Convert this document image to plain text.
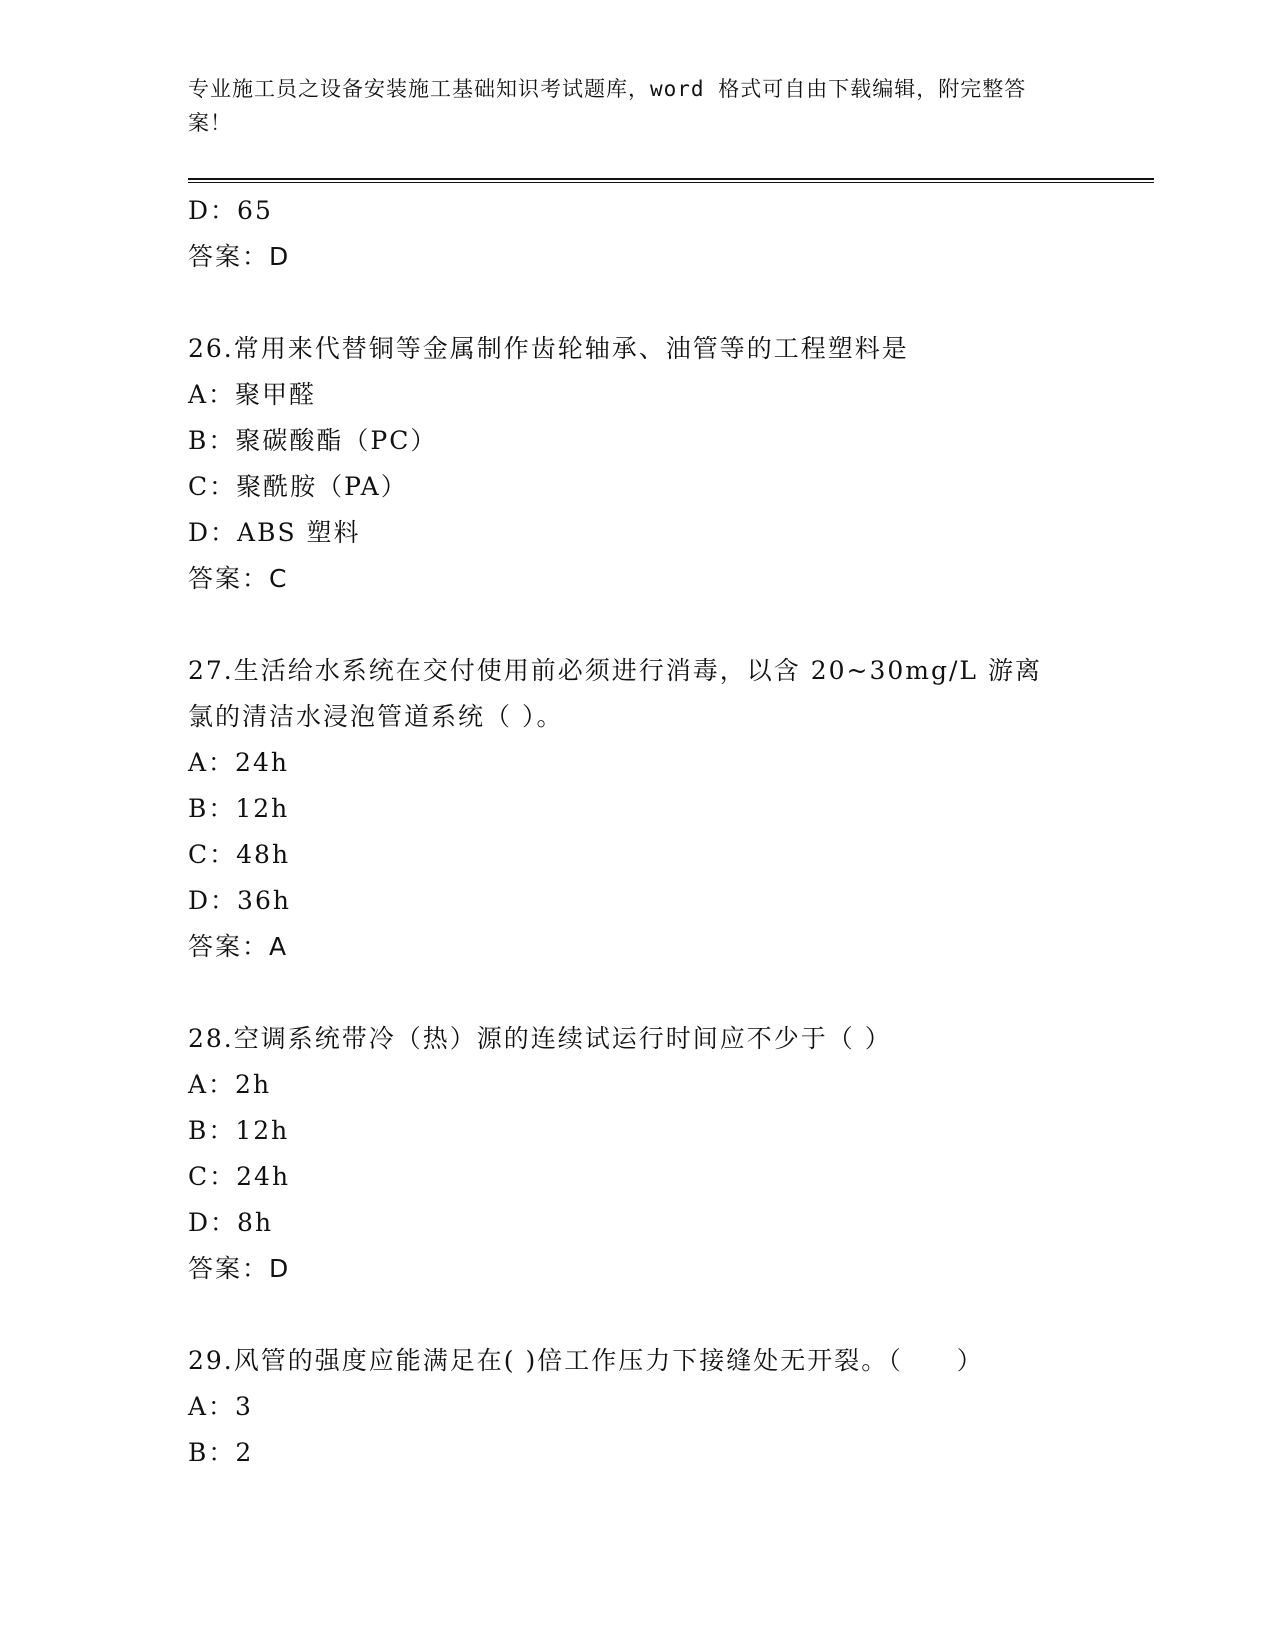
专业施工员之设备安装施工基础知识考试题库，word 格式可自由下载编辑，附完整答案！
D：65
答案：D
26.常用来代替铜等金属制作齿轮轴承、油管等的工程塑料是
A：聚甲醛
B：聚碳酸酯（PC）
C：聚酰胺（PA）
D：ABS 塑料
答案：C
27.生活给水系统在交付使用前必须进行消毒，以含 20~30mg/L 游离氯的清洁水浸泡管道系统（ ）。
A：24h
B：12h
C：48h
D：36h
答案：A
28.空调系统带冷（热）源的连续试运行时间应不少于（ ）
A：2h
B：12h
C：24h
D：8h
答案：D
29.风管的强度应能满足在( )倍工作压力下接缝处无开裂。（　　）
A：3
B：2
